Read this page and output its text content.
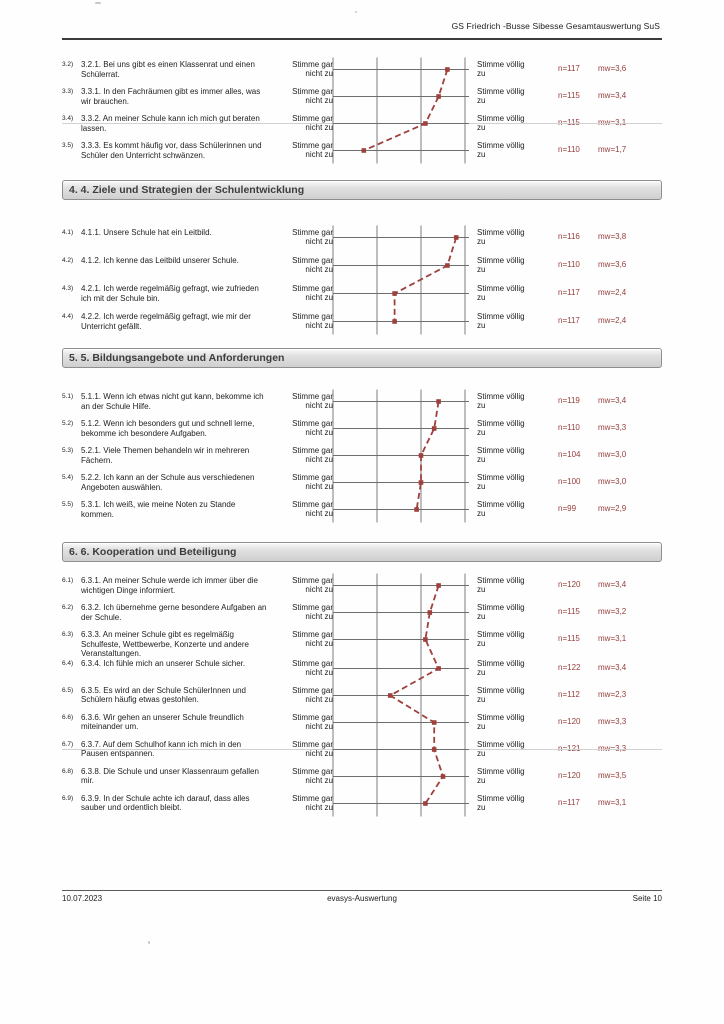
GS Friedrich -Busse Sibesse Gesamtauswertung SuS
3.2) 3.2.1. Bei uns gibt es einen Klassenrat und einen Schülerrat.
Stimme gar
nicht zu
Stimme völlig
zu
n=117	mw=3,6
3.3) 3.3.1. In den Fachräumen gibt es immer alles, was wir brauchen.
Stimme gar
nicht zu
Stimme völlig
zu
n=115	mw=3,4
3.4) 3.3.2. An meiner Schule kann ich mich gut beraten lassen.
Stimme gar
nicht zu
Stimme völlig
zu
n=115	mw=3,1
3.5) 3.3.3. Es kommt häufig vor, dass Schülerinnen und Schüler den Unterricht schwänzen.
Stimme gar
nicht zu
Stimme völlig
zu
n=110	mw=1,7
4. 4. Ziele und Strategien der Schulentwicklung
4.1) 4.1.1. Unsere Schule hat ein Leitbild.	Stimme gar
nicht zu
Stimme völlig
zu
n=116	mw=3,8
4.2) 4.1.2. Ich kenne das Leitbild unserer Schule.	Stimme gar
nicht zu
Stimme völlig
zu
n=110	mw=3,6
4.3) 4.2.1. Ich werde regelmäßig gefragt, wie zufrieden ich mit der Schule bin.
Stimme gar
nicht zu
Stimme völlig
zu
n=117	mw=2,4
4.4) 4.2.2. Ich werde regelmäßig gefragt, wie mir der Unterricht gefällt.
Stimme gar
nicht zu
Stimme völlig
zu
n=117	mw=2,4
5. 5. Bildungsangebote und Anforderungen
5.1) 5.1.1. Wenn ich etwas nicht gut kann, bekomme ich an der Schule Hilfe.
Stimme gar
nicht zu
Stimme völlig
zu
n=119	mw=3,4
5.2) 5.1.2. Wenn ich besonders gut und schnell lerne, bekomme ich besondere Aufgaben.
Stimme gar
nicht zu
Stimme völlig
zu
n=110	mw=3,3
5.3) 5.2.1. Viele Themen behandeln wir in mehreren Fächern.
Stimme gar
nicht zu
Stimme völlig
zu
n=104	mw=3,0
5.4) 5.2.2. Ich kann an der Schule aus verschiedenen Angeboten auswählen.
Stimme gar
nicht zu
Stimme völlig
zu
n=100	mw=3,0
5.5) 5.3.1. Ich weiß, wie meine Noten zu Stande kommen.
Stimme gar
nicht zu
Stimme völlig
zu
n=99	mw=2,9
6. 6. Kooperation und Beteiligung
6.1) 6.3.1. An meiner Schule werde ich immer über die wichtigen Dinge informiert.
Stimme gar
nicht zu
Stimme völlig
zu
n=120	mw=3,4
6.2) 6.3.2. Ich übernehme gerne besondere Aufgaben an der Schule.
Stimme gar
nicht zu
Stimme völlig
zu
n=115	mw=3,2
6.3) 6.3.3. An meiner Schule gibt es regelmäßig Schulfeste, Wettbewerbe, Konzerte und andere Veranstaltungen.
Stimme gar
nicht zu
Stimme völlig
zu
n=115	mw=3,1
6.4) 6.3.4. Ich fühle mich an unserer Schule sicher.	Stimme gar
nicht zu
Stimme völlig
zu
n=122	mw=3,4
6.5) 6.3.5. Es wird an der Schule SchülerInnen und Schülern häufig etwas gestohlen.
Stimme gar
nicht zu
Stimme völlig
zu
n=112	mw=2,3
6.6) 6.3.6. Wir gehen an unserer Schule freundlich miteinander um.
Stimme gar
nicht zu
Stimme völlig
zu
n=120	mw=3,3
6.7) 6.3.7. Auf dem Schulhof kann ich mich in den Pausen entspannen.
Stimme gar
nicht zu
Stimme völlig
zu
n=121	mw=3,3
6.8) 6.3.8. Die Schule und unser Klassenraum gefallen mir.
Stimme gar
nicht zu
Stimme völlig
zu
n=120	mw=3,5
6.9) 6.3.9. In der Schule achte ich darauf, dass alles sauber und ordentlich bleibt.
Stimme gar
nicht zu
Stimme völlig
zu
n=117	mw=3,1
10.07.2023	evasys-Auswertung	Seite 10
